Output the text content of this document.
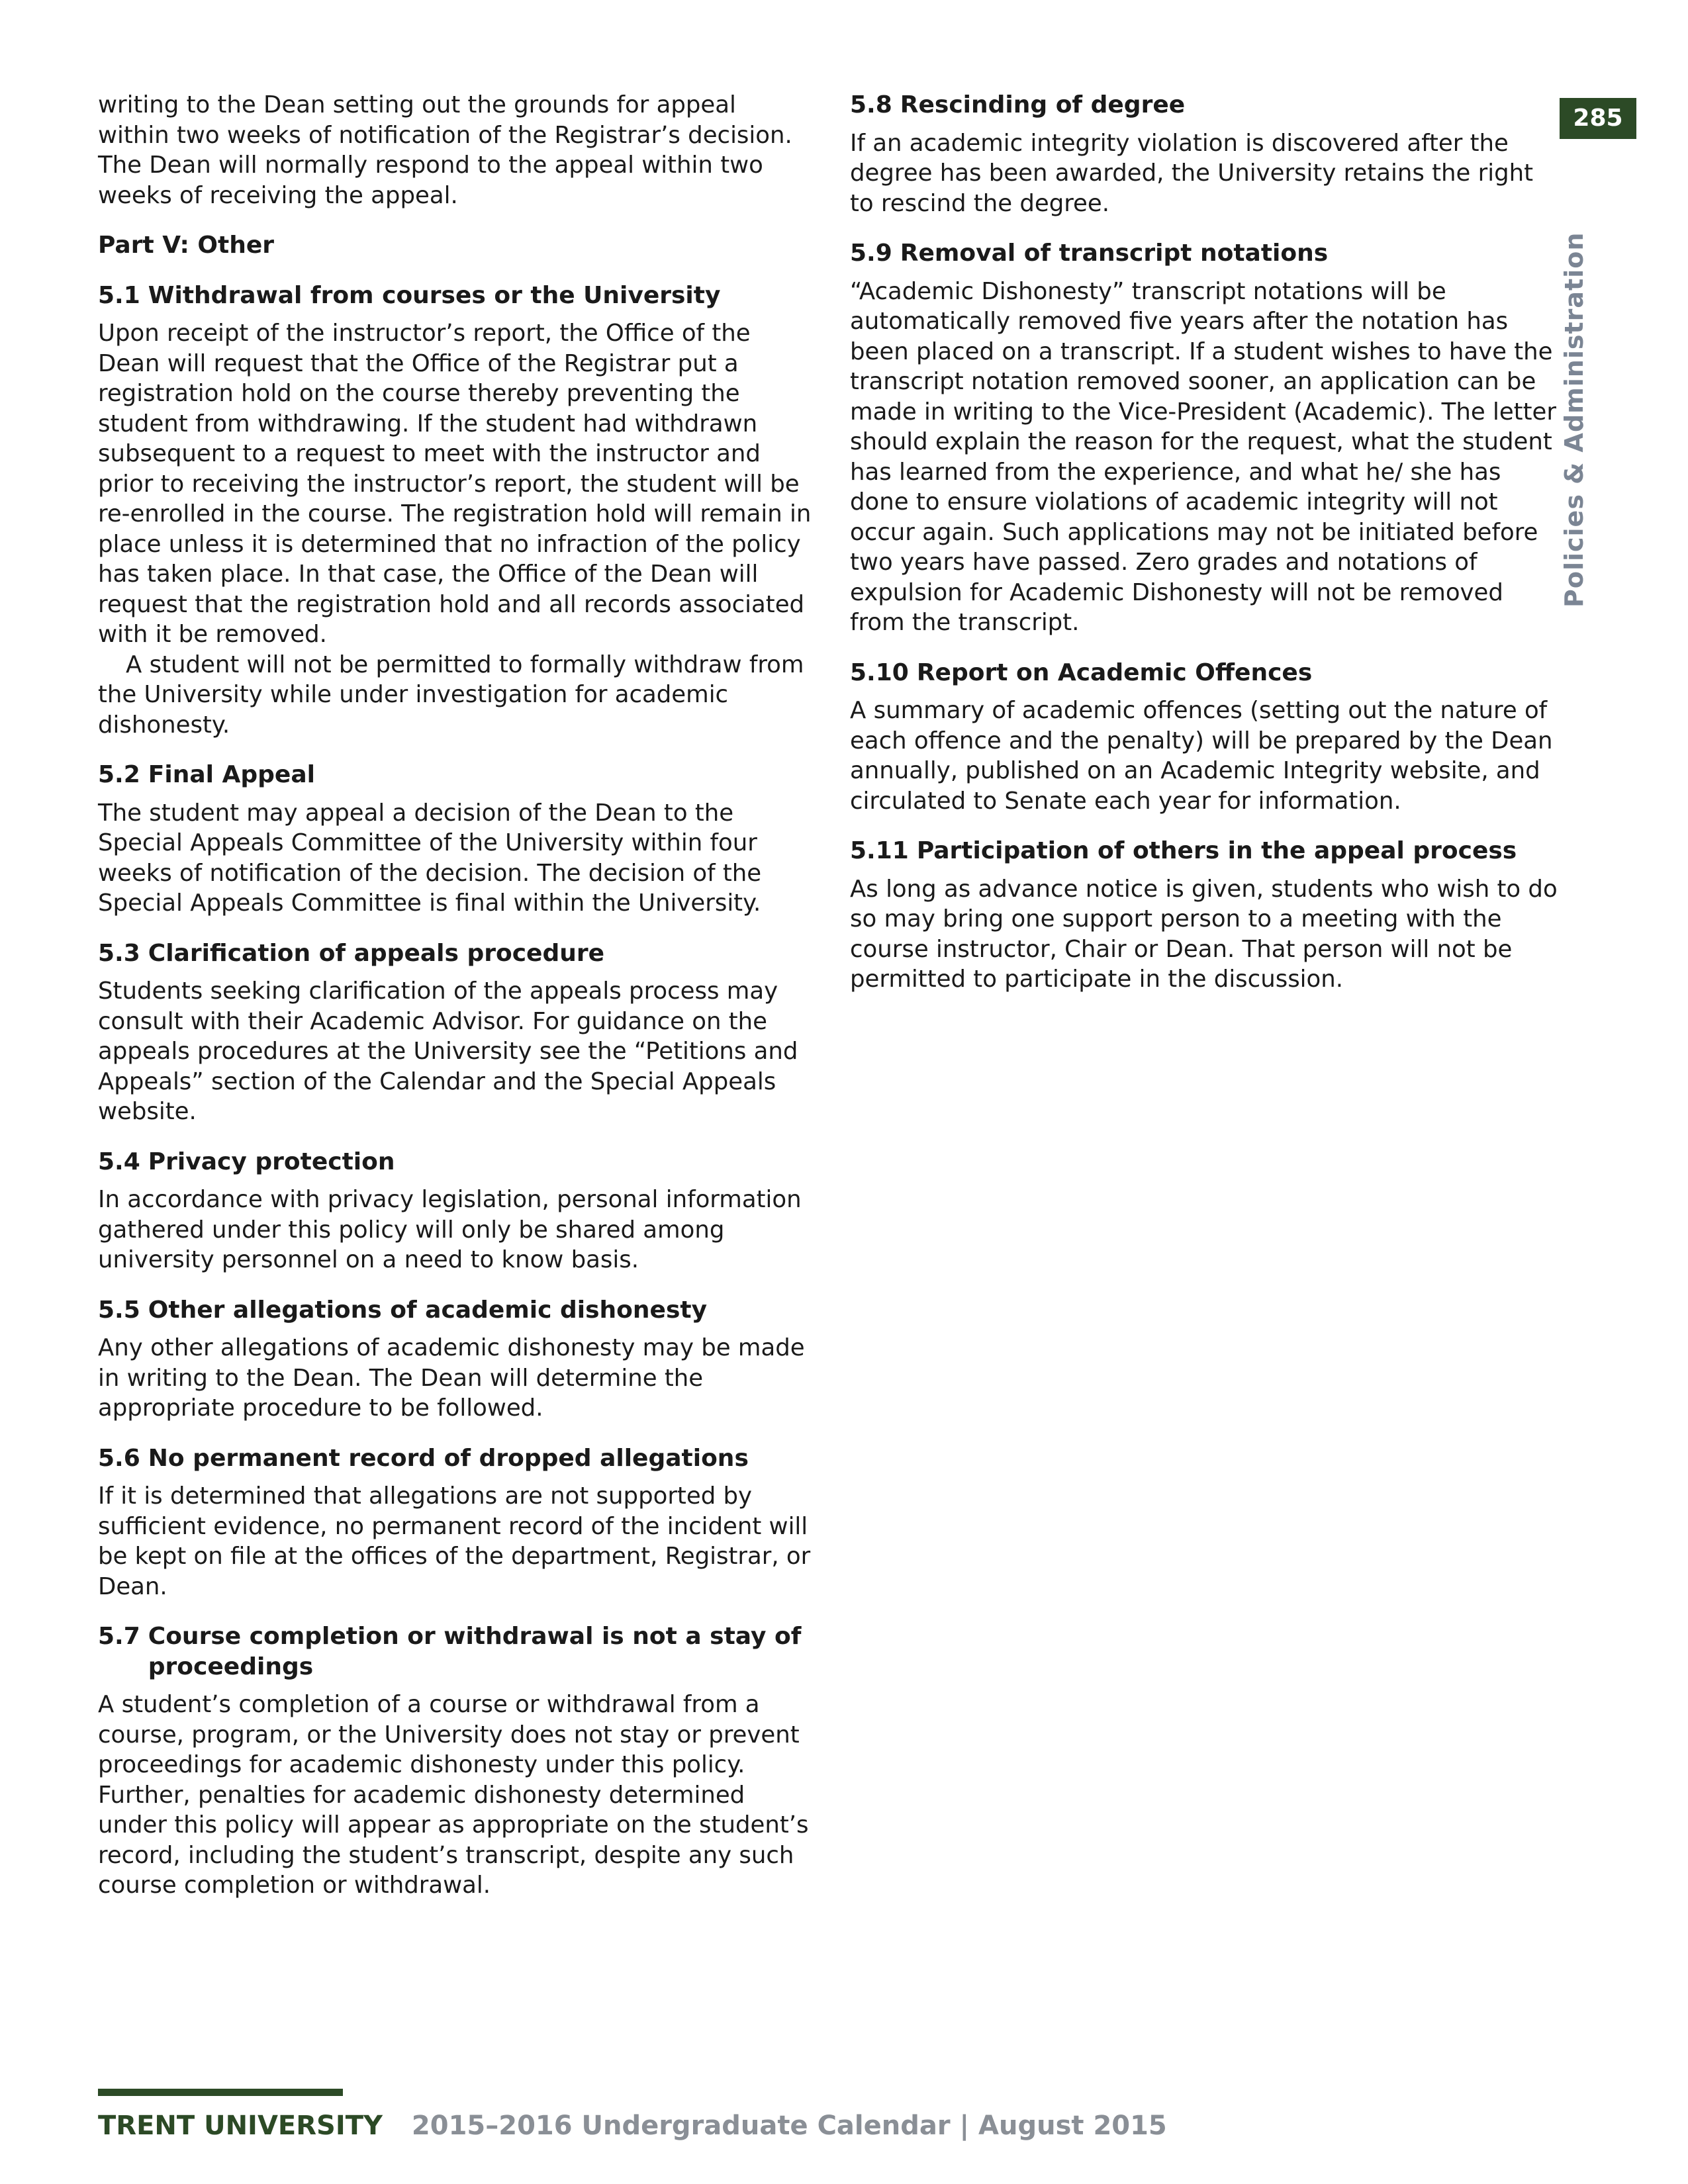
285
Policies & Administration

writing to the Dean setting out the grounds for appeal within two weeks of notification of the Registrar’s decision. The Dean will normally respond to the appeal within two weeks of receiving the appeal.

Part V: Other
5.1 Withdrawal from courses or the University

Upon receipt of the instructor’s report, the Office of the Dean will request that the Office of the Registrar put a registration hold on the course thereby preventing the student from withdrawing. If the student had withdrawn subsequent to a request to meet with the instructor and prior to receiving the instructor’s report, the student will be re-enrolled in the course. The registration hold will remain in place unless it is determined that no infraction of the policy has taken place. In that case, the Office of the Dean will request that the registration hold and all records associated with it be removed.

A student will not be permitted to formally withdraw from the University while under investigation for academic dishonesty.

5.2 Final Appeal

The student may appeal a decision of the Dean to the Special Appeals Committee of the University within four weeks of notification of the decision. The decision of the Special Appeals Committee is final within the University.

5.3 Clarification of appeals procedure

Students seeking clarification of the appeals process may consult with their Academic Advisor. For guidance on the appeals procedures at the University see the “Petitions and Appeals” section of the Calendar and the Special Appeals website.

5.4 Privacy protection

In accordance with privacy legislation, personal information gathered under this policy will only be shared among university personnel on a need to know basis.

5.5 Other allegations of academic dishonesty

Any other allegations of academic dishonesty may be made in writing to the Dean. The Dean will determine the appropriate procedure to be followed.

5.6 No permanent record of dropped allegations

If it is determined that allegations are not supported by sufficient evidence, no permanent record of the incident will be kept on file at the offices of the department, Registrar, or Dean.

5.7 Course completion or withdrawal is not a stay of proceedings

A student’s completion of a course or withdrawal from a course, program, or the University does not stay or prevent proceedings for academic dishonesty under this policy. Further, penalties for academic dishonesty determined under this policy will appear as appropriate on the student’s record, including the student’s transcript, despite any such course completion or withdrawal.

5.8 Rescinding of degree

If an academic integrity violation is discovered after the degree has been awarded, the University retains the right to rescind the degree.

5.9 Removal of transcript notations

“Academic Dishonesty” transcript notations will be automatically removed five years after the notation has been placed on a transcript. If a student wishes to have the transcript notation removed sooner, an application can be made in writing to the Vice-President (Academic). The letter should explain the reason for the request, what the student has learned from the experience, and what he/ she has done to ensure violations of academic integrity will not occur again. Such applications may not be initiated before two years have passed. Zero grades and notations of expulsion for Academic Dishonesty will not be removed from the transcript.

5.10 Report on Academic Offences

A summary of academic offences (setting out the nature of each offence and the penalty) will be prepared by the Dean annually, published on an Academic Integrity website, and circulated to Senate each year for information.

5.11 Participation of others in the appeal process

As long as advance notice is given, students who wish to do so may bring one support person to a meeting with the course instructor, Chair or Dean. That person will not be permitted to participate in the discussion.

TRENT UNIVERSITY 2015–2016 Undergraduate Calendar | August 2015
